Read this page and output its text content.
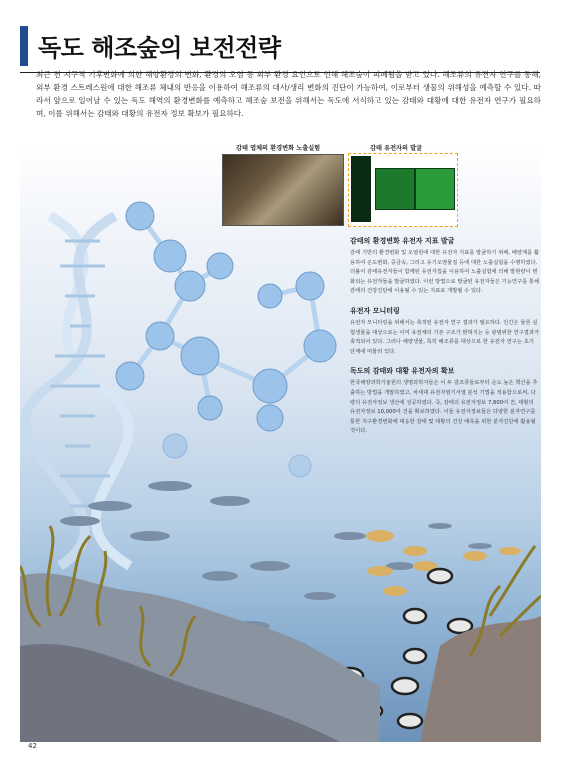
독도 해조숲의 보전전략

최근 전 지구적 기후변화에 의한 해양환경의 변화, 환경의 오염 등 외부 환경 요인으로 인해 해조숲이 피폐됨을 받고 있다. 해조류의 유전자 연구를 통해, 외부 환경 스트레스원에 대한 해조류 체내의 반응을 이용하여 해조류의 대사/생리 변화의 진단이 가능하여, 이로부터 생물의 위해성을 예측할 수 있다. 따라서 앞으로 일어날 수 있는 독도 해역의 환경변화를 예측하고 해조숲 보전을 위해서는 독도에 서식하고 있는 감태와 대황에 대한 유전자 연구가 필요하며, 이를 위해서는 감태와 대황의 유전자 정보 확보가 필요하다.

감태 엽체의 환경변화 노출실험	감태 유전자의 발굴
감태의 환경변화 유전자 지표 발굴

감태 기반의 환경변화 및 오염원에 대한 유전자 지표를 발굴하기 위해, 배양계를 활용하여 온도변화, 중금속, 그리고 유기오염물질 등에 대한 노출실험을 수행하였다. 더불어 감태유전자들이 함께된 유전자칩을 이용하여 노출실험에 의해 발현량이 변화되는 유전자들을 발굴하였다. 이런 방법으로 발굴된 유전자들은 기능연구를 통해 감태의 건강진단에 이용될 수 있는 지표로 개발될 수 있다.

유전자 모니터링

유전자 모니터링을 위해서는 축적된 유전자 연구 결과가 필요하다. 인간은 물론 실험생물을 대상으로는 이미 유전체의 기본 구조가 밝혀지는 등 광범위한 연구결과가 축적되어 있다. 그러나 해양생물, 특히 해조류를 대상으로 한 유전자 연구는 초기 단계에 머물러 있다.

독도의 감태와 대황 유전자의 확보

한국해양과학기술원의 생명과학자들은 이 두 갈조류들로부터 순도 높은 핵산을 추출하는 방법을 개발하였고, 차세대 유전자염기서열 분석 기법을 적용함으로써, 다량의 유전자정보 생산에 성공하였다. 즉, 감태의 유전자정보 7,800여 건, 대황의 유전자정보 10,000여 건을 확보하였다. 이들 유전자정보들은 다양한 분자연구를 통한 지구환경변화에 대응한 감태 및 대황의 건강 예측을 위한 분자진단에 활용될 것이다.

42
